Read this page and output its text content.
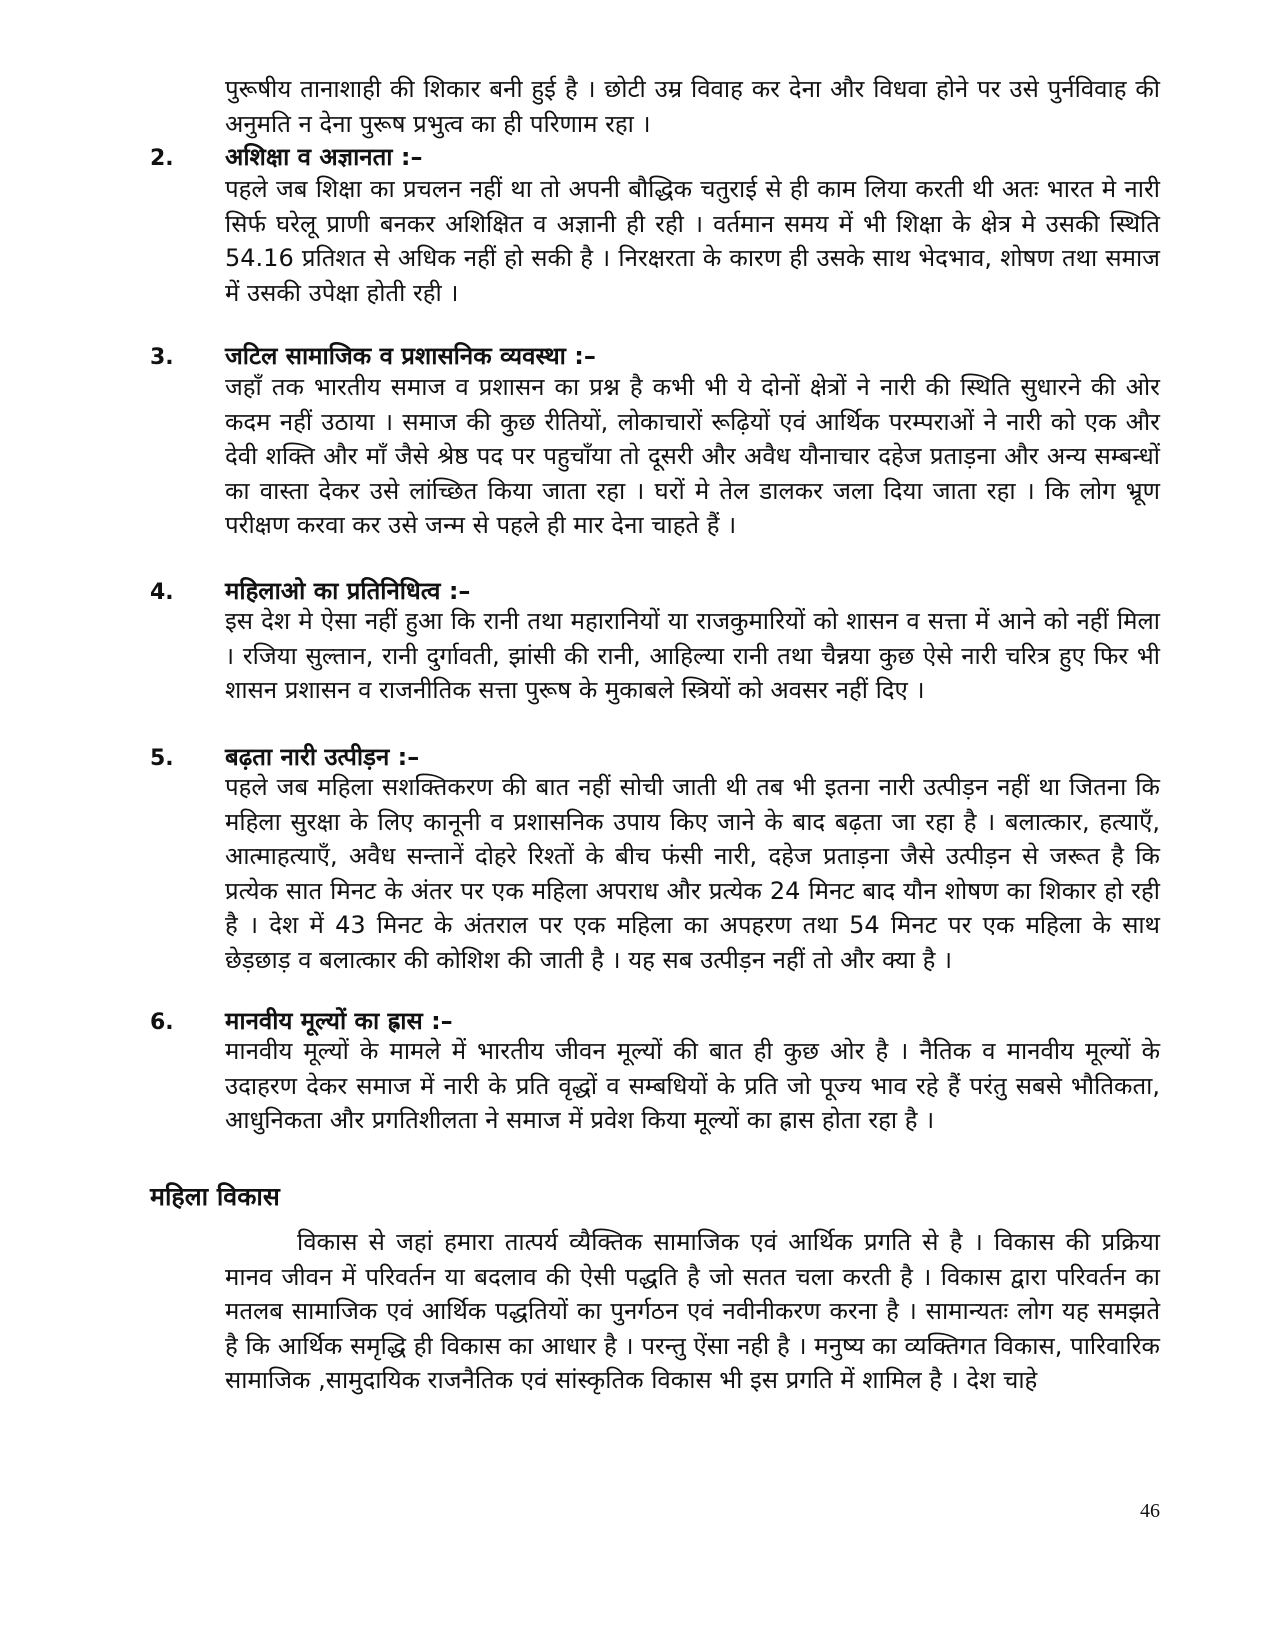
पुरूषीय तानाशाही की शिकार बनी हुई है । छोटी उम्र विवाह कर देना और विधवा होने पर उसे पुर्नविवाह की अनुमति न देना पुरूष प्रभुत्व का ही परिणाम रहा ।

2. अशिक्षा व अज्ञानता :–

पहले जब शिक्षा का प्रचलन नहीं था तो अपनी बौद्धिक चतुराई से ही काम लिया करती थी अतः भारत मे नारी सिर्फ घरेलू प्राणी बनकर अशिक्षित व अज्ञानी ही रही । वर्तमान समय में भी शिक्षा के क्षेत्र मे उसकी स्थिति 54.16 प्रतिशत से अधिक नहीं हो सकी है । निरक्षरता के कारण ही उसके साथ भेदभाव, शोषण तथा समाज में उसकी उपेक्षा होती रही ।

3. जटिल सामाजिक व प्रशासनिक व्यवस्था :–

जहाँ तक भारतीय समाज व प्रशासन का प्रश्न है कभी भी ये दोनों क्षेत्रों ने नारी की स्थिति सुधारने की ओर कदम नहीं उठाया । समाज की कुछ रीतियों, लोकाचारों रूढ़ियों एवं आर्थिक परम्पराओं ने नारी को एक और देवी शक्ति और माँ जैसे श्रेष्ठ पद पर पहुचाँया तो दूसरी और अवैध यौनाचार दहेज प्रताड़ना और अन्य सम्बन्धों का वास्ता देकर उसे लांच्छित किया जाता रहा । घरों मे तेल डालकर जला दिया जाता रहा । कि लोग भ्रूण परीक्षण करवा कर उसे जन्म से पहले ही मार देना चाहते हैं ।

4. महिलाओ का प्रतिनिधित्व :–

इस देश मे ऐसा नहीं हुआ कि रानी तथा महारानियों या राजकुमारियों को शासन व सत्ता में आने को नहीं मिला । रजिया सुल्तान, रानी दुर्गावती, झांसी की रानी, आहिल्या रानी तथा चैन्नया कुछ ऐसे नारी चरित्र हुए फिर भी शासन प्रशासन व राजनीतिक सत्ता पुरूष के मुकाबले स्त्रियों को अवसर नहीं दिए ।

5. बढ़ता नारी उत्पीड़न :–

पहले जब महिला सशक्तिकरण की बात नहीं सोची जाती थी तब भी इतना नारी उत्पीड़न नहीं था जितना कि महिला सुरक्षा के लिए कानूनी व प्रशासनिक उपाय किए जाने के बाद बढ़ता जा रहा है । बलात्कार, हत्याएँ, आत्माहत्याएँ, अवैध सन्तानें दोहरे रिश्तों के बीच फंसी नारी, दहेज प्रताड़ना जैसे उत्पीड़न से जरूत है कि प्रत्येक सात मिनट के अंतर पर एक महिला अपराध और प्रत्येक 24 मिनट बाद यौन शोषण का शिकार हो रही है । देश में 43 मिनट के अंतराल पर एक महिला का अपहरण तथा 54 मिनट पर एक महिला के साथ छेड़छाड़ व बलात्कार की कोशिश की जाती है । यह सब उत्पीड़न नहीं तो और क्या है ।

6. मानवीय मूल्यों का ह्रास :–

मानवीय मूल्यों के मामले में भारतीय जीवन मूल्यों की बात ही कुछ ओर है । नैतिक व मानवीय मूल्यों के उदाहरण देकर समाज में नारी के प्रति वृद्धों व सम्बधियों के प्रति जो पूज्य भाव रहे हैं परंतु सबसे भौतिकता, आधुनिकता और प्रगतिशीलता ने समाज में प्रवेश किया मूल्यों का ह्रास होता रहा है ।

महिला विकास

विकास से जहां हमारा तात्पर्य व्यैक्तिक सामाजिक एवं आर्थिक प्रगति से है । विकास की प्रक्रिया मानव जीवन में परिवर्तन या बदलाव की ऐसी पद्धति है जो सतत चला करती है । विकास द्वारा परिवर्तन का मतलब सामाजिक एवं आर्थिक पद्धतियों का पुनर्गठन एवं नवीनीकरण करना है । सामान्यतः लोग यह समझते है कि आर्थिक समृद्धि ही विकास का आधार है । परन्तु ऐंसा नही है । मनुष्य का व्यक्तिगत विकास, पारिवारिक सामाजिक ,सामुदायिक राजनैतिक एवं सांस्कृतिक विकास भी इस प्रगति में शामिल है । देश चाहे

46
